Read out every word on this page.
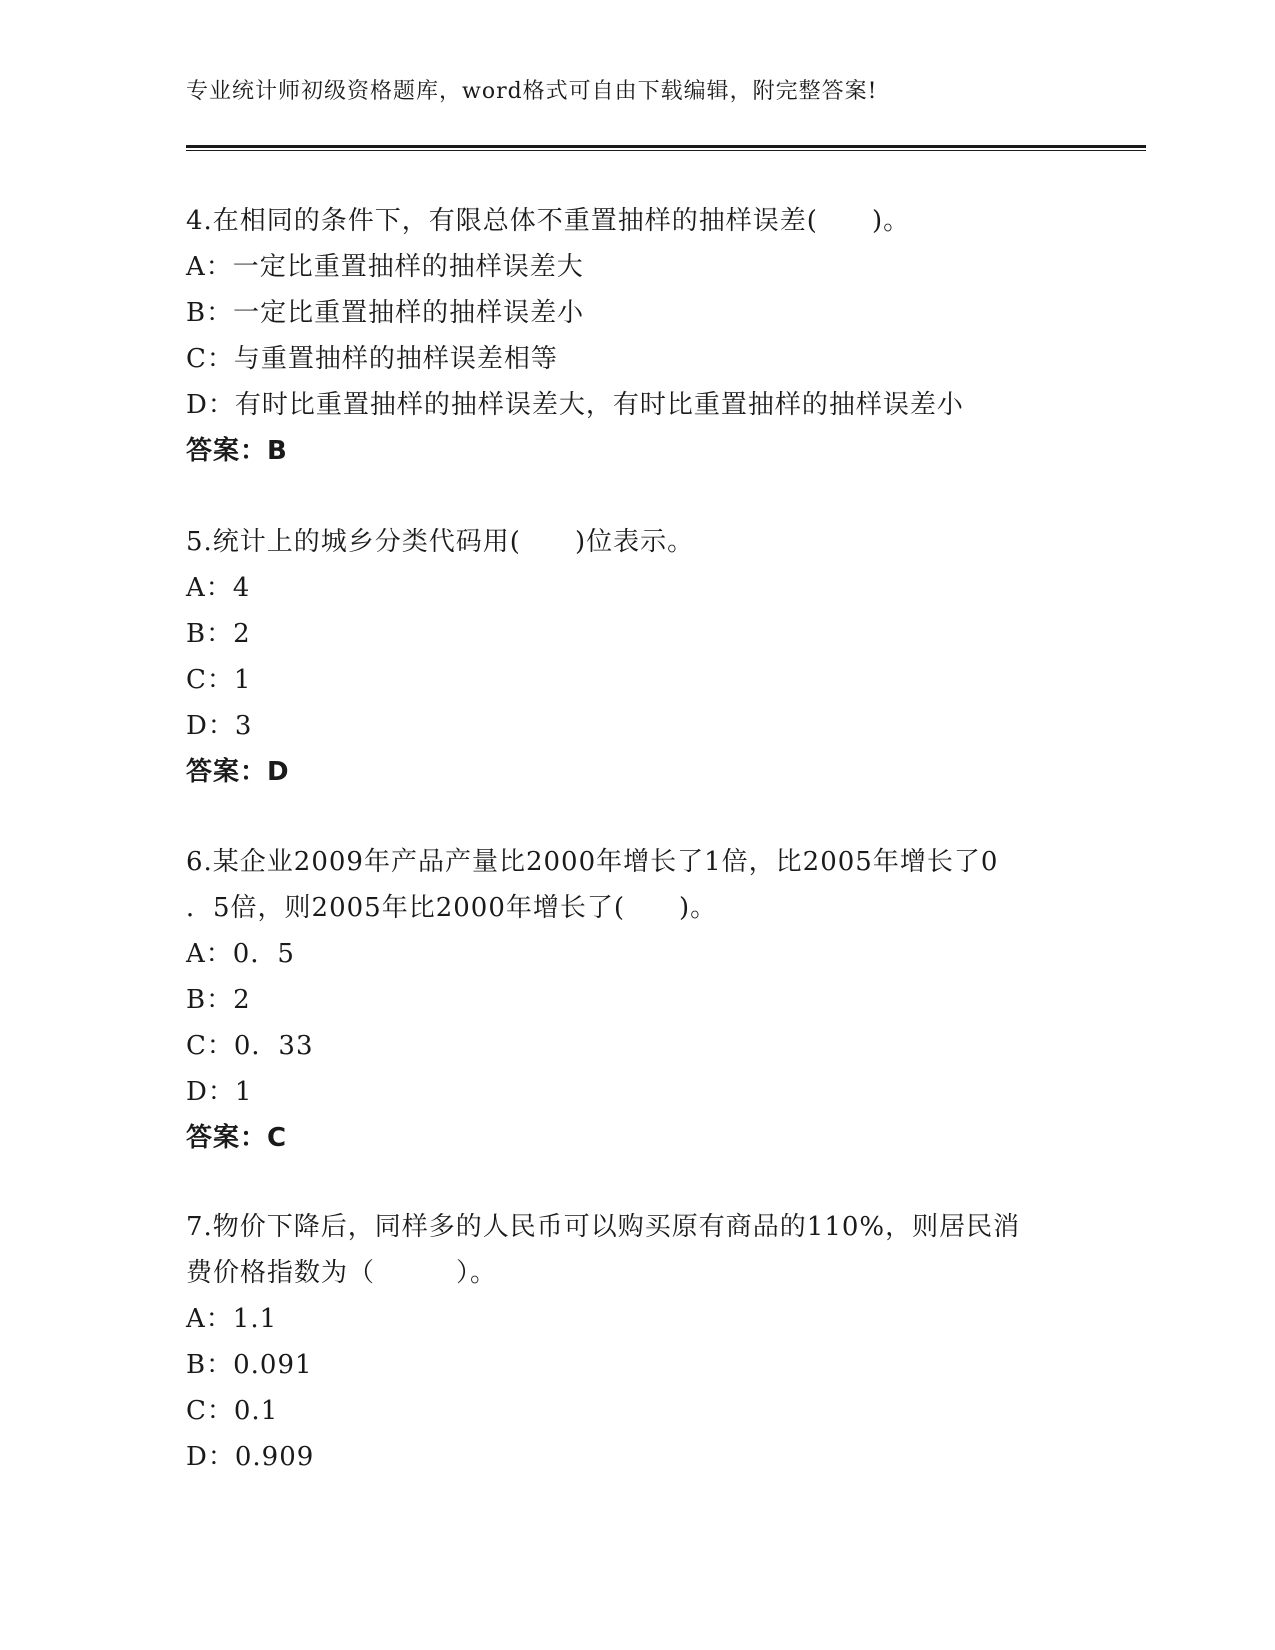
专业统计师初级资格题库，word格式可自由下载编辑，附完整答案!
4.在相同的条件下，有限总体不重置抽样的抽样误差(　　)。
A：一定比重置抽样的抽样误差大
B：一定比重置抽样的抽样误差小
C：与重置抽样的抽样误差相等
D：有时比重置抽样的抽样误差大，有时比重置抽样的抽样误差小
答案：B
5.统计上的城乡分类代码用(　　)位表示。
A：4
B：2
C：1
D：3
答案：D
6.某企业2009年产品产量比2000年增长了1倍，比2005年增长了0
．5倍，则2005年比2000年增长了(　　)。
A：0．5
B：2
C：0．33
D：1
答案：C
7.物价下降后，同样多的人民币可以购买原有商品的110%，则居民消
费价格指数为（　　　）。
A：1.1
B：0.091
C：0.1
D：0.909
